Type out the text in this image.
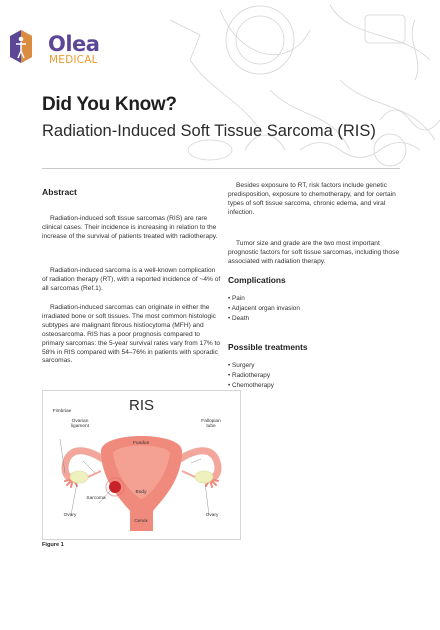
Olea
MEDICAL
Did You Know?
Radiation-Induced Soft Tissue Sarcoma (RIS)
Abstract

Radiation-induced soft tissue sarcomas (RIS) are rare clinical cases. Their incidence is increasing in relation to the increase of the survival of patients treated with radiotherapy.

Radiation-induced sarcoma is a well-known complication of radiation therapy (RT), with a reported incidence of ~4% of all sarcomas (Ref.1).

Radiation-induced sarcomas can originate in either the irradiated bone or soft tissues. The most common histologic subtypes are malignant fibrous histiocytoma (MFH) and osteosarcoma. RIS has a poor prognosis compared to primary sarcomas: the 5-year survival rates vary from 17% to 58% in RIS compared with 54–76% in patients with sporadic sarcomas.

Besides exposure to RT, risk factors include genetic predisposition, exposure to chemotherapy, and for certain types of soft tissue sarcoma, chronic edema, and viral infection.

Tumor size and grade are the two most important prognostic factors for soft tissue sarcomas, including those associated with radiation therapy.

Complications
• Pain
• Adjacent organ invasion
• Death
Possible treatments
• Surgery
• Radiotherapy
• Chemotherapy

RIS

Fimbriae
Ovarian ligament
Fallopian tube
Fundus
Body
Sarcoma
Ovary	Ovary
Cervix

Figure 1
